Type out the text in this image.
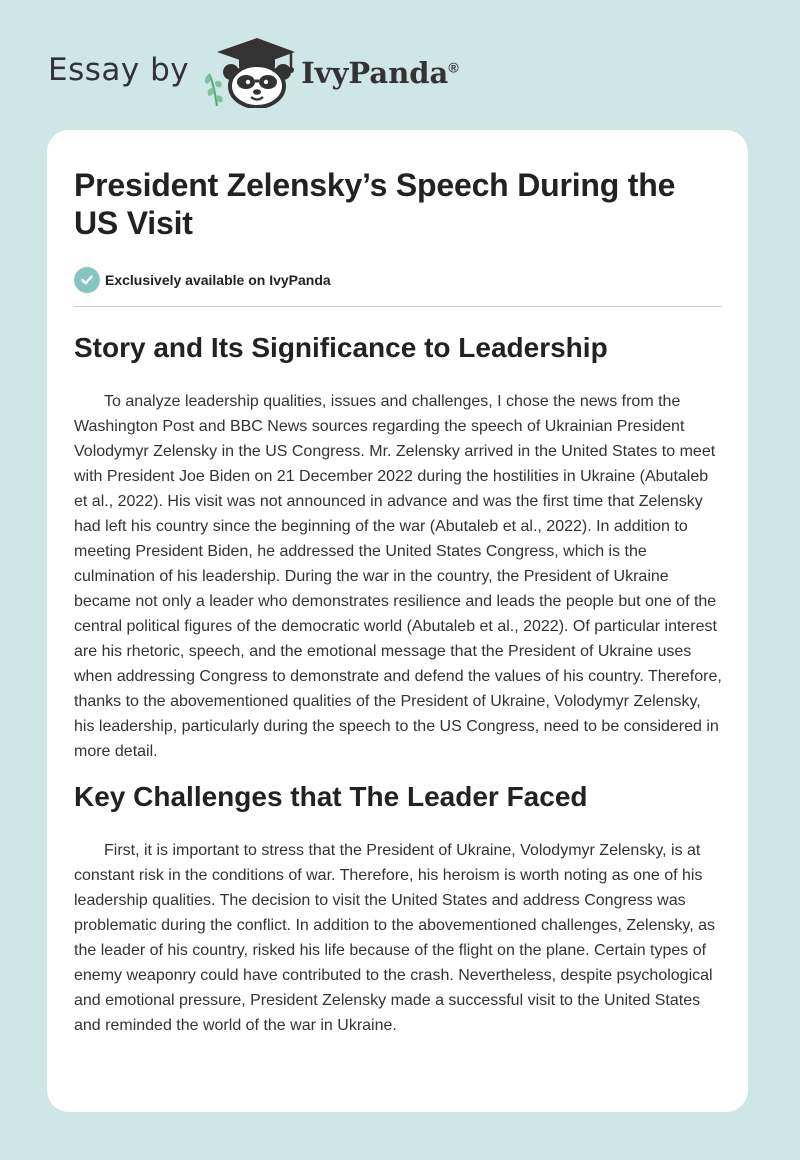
Essay by	IvyPanda®
President Zelensky’s Speech During the US Visit
Exclusively available on IvyPanda
Story and Its Significance to Leadership

To analyze leadership qualities, issues and challenges, I chose the news from the Washington Post and BBC News sources regarding the speech of Ukrainian President Volodymyr Zelensky in the US Congress. Mr. Zelensky arrived in the United States to meet with President Joe Biden on 21 December 2022 during the hostilities in Ukraine (Abutaleb et al., 2022). His visit was not announced in advance and was the first time that Zelensky had left his country since the beginning of the war (Abutaleb et al., 2022). In addition to meeting President Biden, he addressed the United States Congress, which is the culmination of his leadership. During the war in the country, the President of Ukraine became not only a leader who demonstrates resilience and leads the people but one of the central political figures of the democratic world (Abutaleb et al., 2022). Of particular interest are his rhetoric, speech, and the emotional message that the President of Ukraine uses when addressing Congress to demonstrate and defend the values of his country. Therefore, thanks to the abovementioned qualities of the President of Ukraine, Volodymyr Zelensky, his leadership, particularly during the speech to the US Congress, need to be considered in more detail.

Key Challenges that The Leader Faced

First, it is important to stress that the President of Ukraine, Volodymyr Zelensky, is at constant risk in the conditions of war. Therefore, his heroism is worth noting as one of his leadership qualities. The decision to visit the United States and address Congress was problematic during the conflict. In addition to the abovementioned challenges, Zelensky, as the leader of his country, risked his life because of the flight on the plane. Certain types of enemy weaponry could have contributed to the crash. Nevertheless, despite psychological and emotional pressure, President Zelensky made a successful visit to the United States and reminded the world of the war in Ukraine.
